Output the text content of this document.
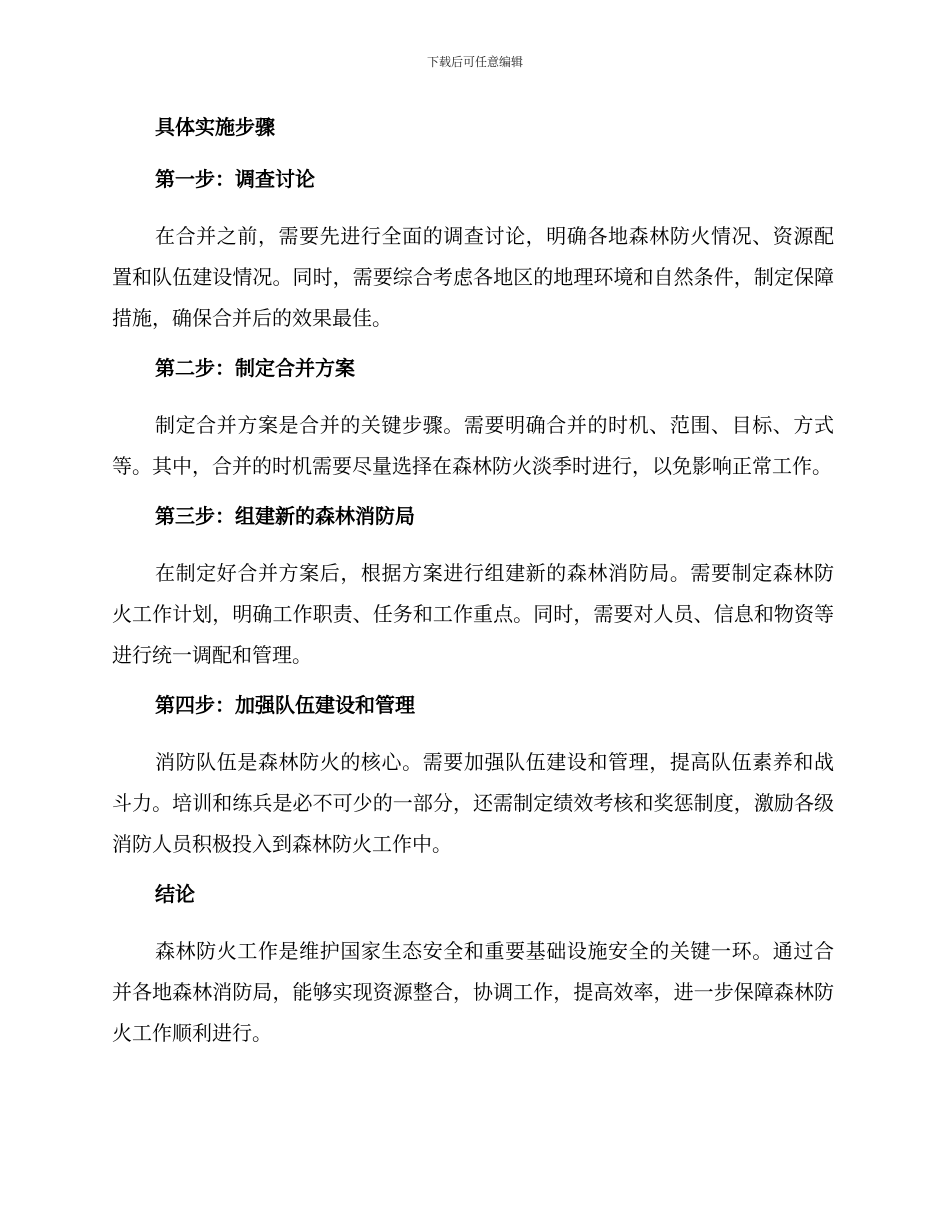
下载后可任意编辑
具体实施步骤
第一步：调查讨论

在合并之前，需要先进行全面的调查讨论，明确各地森林防火情况、资源配置和队伍建设情况。同时，需要综合考虑各地区的地理环境和自然条件，制定保障措施，确保合并后的效果最佳。

第二步：制定合并方案

制定合并方案是合并的关键步骤。需要明确合并的时机、范围、目标、方式等。其中，合并的时机需要尽量选择在森林防火淡季时进行，以免影响正常工作。

第三步：组建新的森林消防局

在制定好合并方案后，根据方案进行组建新的森林消防局。需要制定森林防火工作计划，明确工作职责、任务和工作重点。同时，需要对人员、信息和物资等进行统一调配和管理。

第四步：加强队伍建设和管理

消防队伍是森林防火的核心。需要加强队伍建设和管理，提高队伍素养和战斗力。培训和练兵是必不可少的一部分，还需制定绩效考核和奖惩制度，激励各级消防人员积极投入到森林防火工作中。

结论

森林防火工作是维护国家生态安全和重要基础设施安全的关键一环。通过合并各地森林消防局，能够实现资源整合，协调工作，提高效率，进一步保障森林防火工作顺利进行。
